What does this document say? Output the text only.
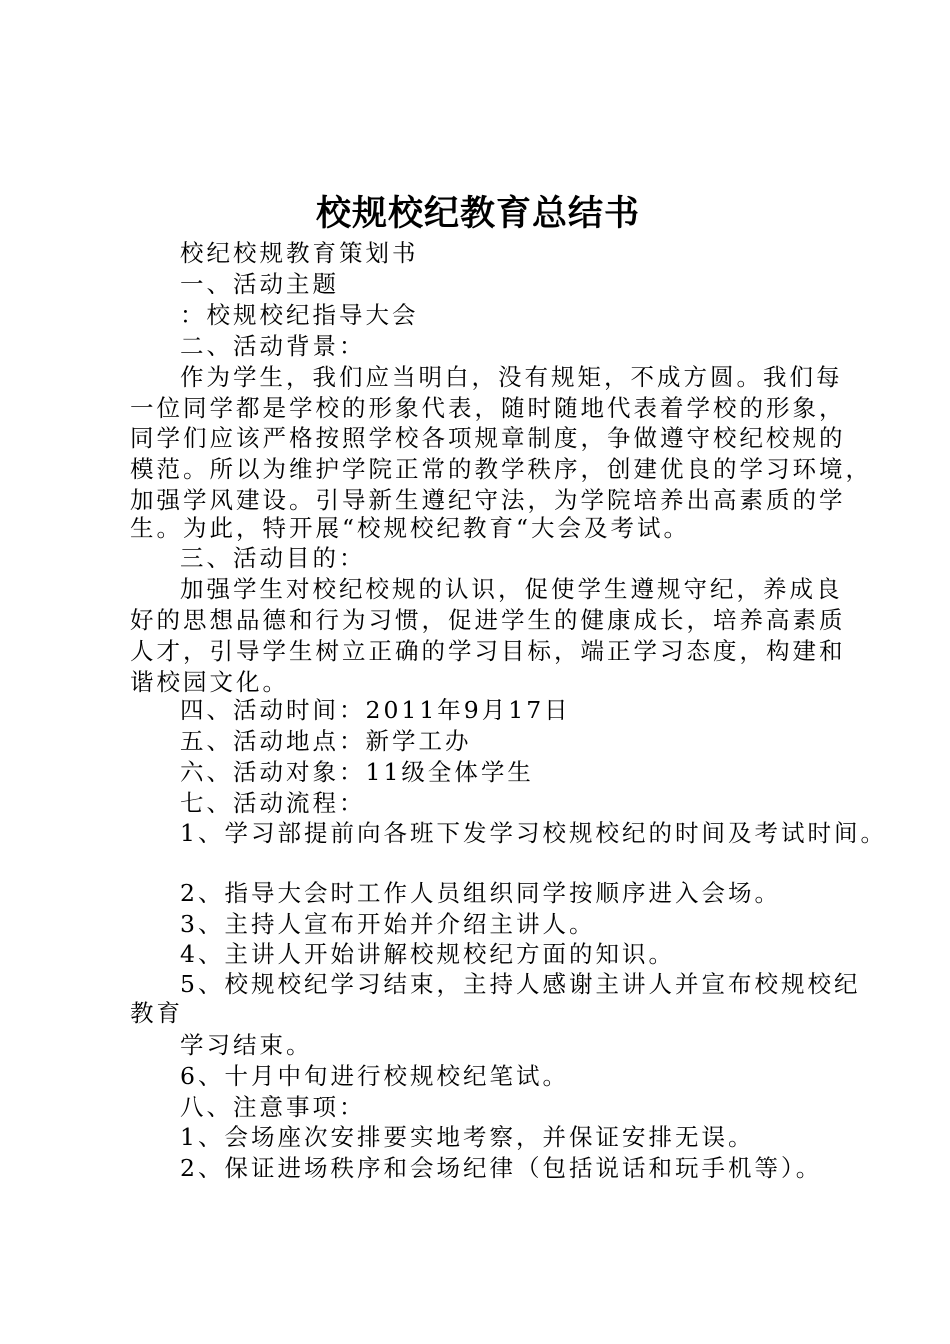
校规校纪教育总结书
校纪校规教育策划书
一、活动主题
：校规校纪指导大会
二、活动背景：
作为学生，我们应当明白，没有规矩，不成方圆。我们每
一位同学都是学校的形象代表，随时随地代表着学校的形象，
同学们应该严格按照学校各项规章制度，争做遵守校纪校规的
模范。所以为维护学院正常的教学秩序，创建优良的学习环境，
加强学风建设。引导新生遵纪守法，为学院培养出高素质的学
生。为此，特开展“校规校纪教育“大会及考试。
三、活动目的：
加强学生对校纪校规的认识，促使学生遵规守纪，养成良
好的思想品德和行为习惯，促进学生的健康成长，培养高素质
人才，引导学生树立正确的学习目标，端正学习态度，构建和
谐校园文化。
四、活动时间：2011年9月17日
五、活动地点：新学工办
六、活动对象：11级全体学生
七、活动流程：
1、学习部提前向各班下发学习校规校纪的时间及考试时间。
2、指导大会时工作人员组织同学按顺序进入会场。
3、主持人宣布开始并介绍主讲人。
4、主讲人开始讲解校规校纪方面的知识。
5、校规校纪学习结束，主持人感谢主讲人并宣布校规校纪
教育
学习结束。
6、十月中旬进行校规校纪笔试。
八、注意事项：
1、会场座次安排要实地考察，并保证安排无误。
2、保证进场秩序和会场纪律（包括说话和玩手机等）。
